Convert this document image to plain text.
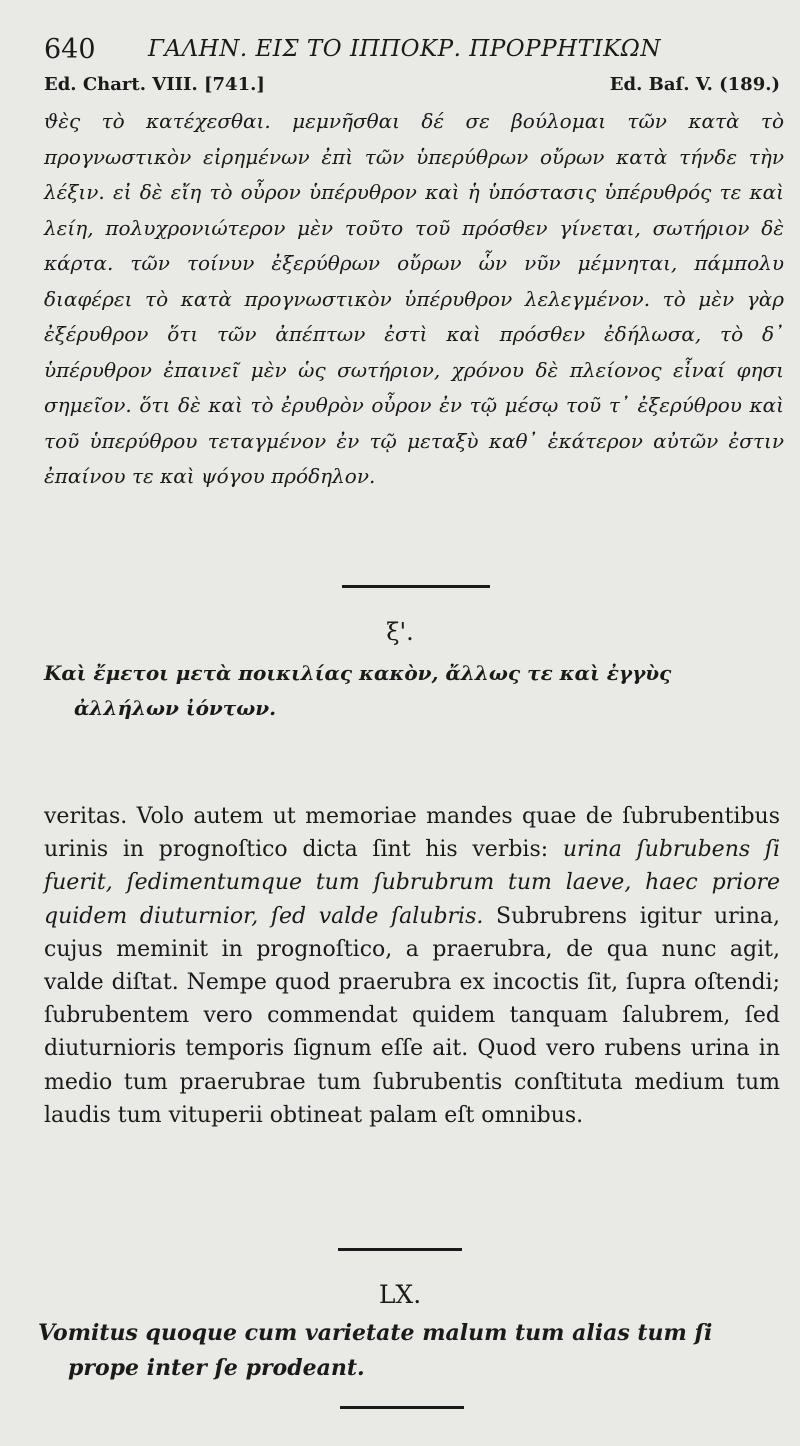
640 ΓΑΛΗΝ. ΕΙΣ ΤΟ ΙΠΠΟΚΡ. ΠΡΟΡΡΗΤΙΚΩΝ
Ed. Chart. VIII. [741.]	Ed. Baſ. V. (189.)
ϑὲς τὸ κατέχεσθαι. μεμνῆσθαι δέ σε βούλομαι τῶν κατὰ τὸ προγνωστικὸν εἰρημένων ἐπὶ τῶν ὑπερύθρων οὔρων κατὰ τήνδε τὴν λέξιν. εἰ δὲ εἴη τὸ οὖρον ὑπέρυθρον καὶ ἡ ὑπόστασις ὑπέρυθρός τε καὶ λείη, πολυχρονιώτερον μὲν τοῦτο τοῦ πρόσθεν γίνεται, σωτήριον δὲ κάρτα. τῶν τοίνυν ἐξερύθρων οὔρων ὧν νῦν μέμνηται, πάμπολυ διαφέρει τὸ κατὰ προγνωστικὸν ὑπέρυθρον λελεγμένον. τὸ μὲν γὰρ ἐξέρυθρον ὅτι τῶν ἀπέπτων ἐστὶ καὶ πρόσθεν ἐδήλωσα, τὸ δ᾽ ὑπέρυθρον ἐπαινεῖ μὲν ὡς σωτήριον, χρόνου δὲ πλείονος εἶναί φησι σημεῖον. ὅτι δὲ καὶ τὸ ἐρυθρὸν οὖρον ἐν τῷ μέσῳ τοῦ τ᾽ ἐξερύθρου καὶ τοῦ ὑπερύθρου τεταγμένον ἐν τῷ μεταξὺ καθ᾽ ἑκάτερον αὐτῶν ἐστιν ἐπαίνου τε καὶ ψόγου πρόδηλον.
ξ'.
Καὶ ἔμετοι μετὰ ποικιλίας κακὸν, ἄλλως τε καὶ ἐγγὺς
ἀλλήλων ἰόντων.
veritas. Volo autem ut memoriae mandes quae de ſubrubentibus urinis in prognoſtico dicta ſint his verbis: urina ſubrubens ſi fuerit, ſedimentumque tum ſubrubrum tum laeve, haec priore quidem diuturnior, ſed valde ſalubris. Subrubrens igitur urina, cujus meminit in prognoſtico, a praerubra, de qua nunc agit, valde diſtat. Nempe quod praerubra ex incoctis ſit, ſupra oſtendi; ſubrubentem vero commendat quidem tanquam ſalubrem, ſed diuturnioris temporis ſignum eſſe ait. Quod vero rubens urina in medio tum praerubrae tum ſubrubentis conſtituta medium tum laudis tum vituperii obtineat palam eſt omnibus.
LX.
Vomitus quoque cum varietate malum tum alias tum ſi
prope inter ſe prodeant.
